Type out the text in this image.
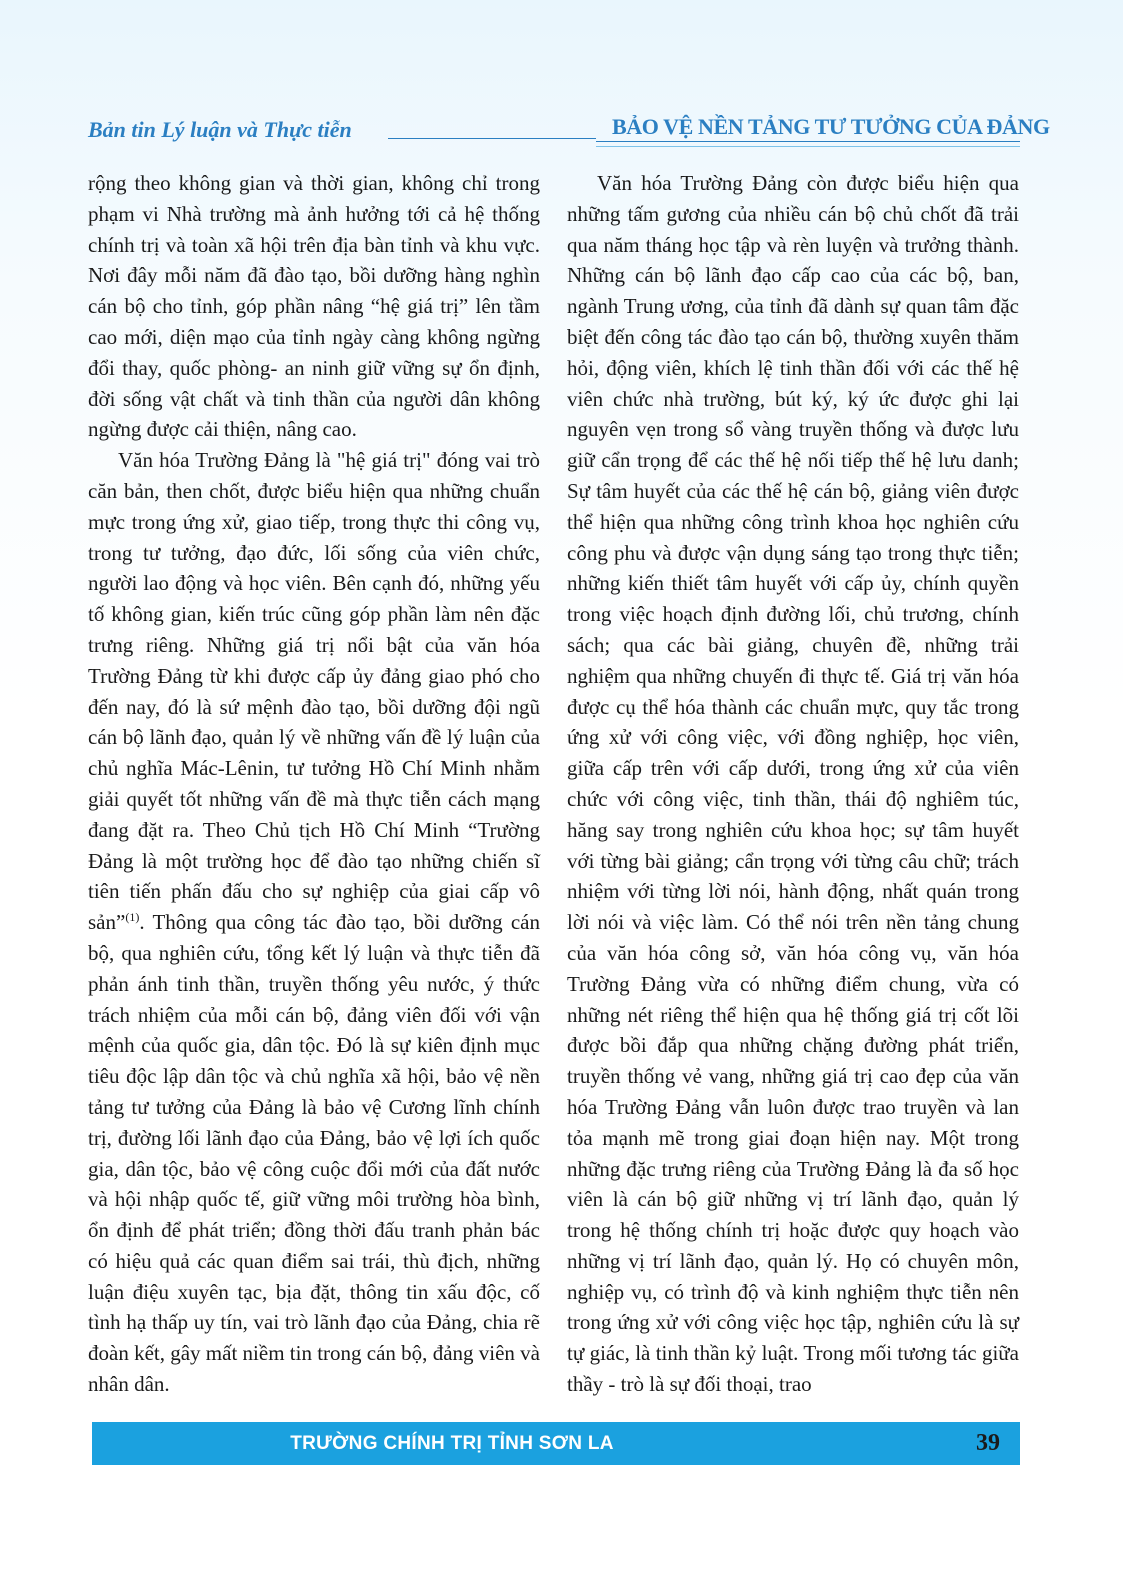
Bản tin Lý luận và Thực tiễn	BẢO VỆ NỀN TẢNG TƯ TƯỞNG CỦA ĐẢNG

rộng theo không gian và thời gian, không chỉ trong phạm vi Nhà trường mà ảnh hưởng tới cả hệ thống chính trị và toàn xã hội trên địa bàn tỉnh và khu vực. Nơi đây mỗi năm đã đào tạo, bồi dưỡng hàng nghìn cán bộ cho tỉnh, góp phần nâng “hệ giá trị” lên tầm cao mới, diện mạo của tỉnh ngày càng không ngừng đổi thay, quốc phòng- an ninh giữ vững sự ổn định, đời sống vật chất và tinh thần của người dân không ngừng được cải thiện, nâng cao.

Văn hóa Trường Đảng là "hệ giá trị" đóng vai trò căn bản, then chốt, được biểu hiện qua những chuẩn mực trong ứng xử, giao tiếp, trong thực thi công vụ, trong tư tưởng, đạo đức, lối sống của viên chức, người lao động và học viên. Bên cạnh đó, những yếu tố không gian, kiến trúc cũng góp phần làm nên đặc trưng riêng. Những giá trị nổi bật của văn hóa Trường Đảng từ khi được cấp ủy đảng giao phó cho đến nay, đó là sứ mệnh đào tạo, bồi dưỡng đội ngũ cán bộ lãnh đạo, quản lý về những vấn đề lý luận của chủ nghĩa Mác-Lênin, tư tưởng Hồ Chí Minh nhằm giải quyết tốt những vấn đề mà thực tiễn cách mạng đang đặt ra. Theo Chủ tịch Hồ Chí Minh “Trường Đảng là một trường học để đào tạo những chiến sĩ tiên tiến phấn đấu cho sự nghiệp của giai cấp vô sản”$^{(1)}$. Thông qua công tác đào tạo, bồi dưỡng cán bộ, qua nghiên cứu, tổng kết lý luận và thực tiễn đã phản ánh tinh thần, truyền thống yêu nước, ý thức trách nhiệm của mỗi cán bộ, đảng viên đối với vận mệnh của quốc gia, dân tộc. Đó là sự kiên định mục tiêu độc lập dân tộc và chủ nghĩa xã hội, bảo vệ nền tảng tư tưởng của Đảng là bảo vệ Cương lĩnh chính trị, đường lối lãnh đạo của Đảng, bảo vệ lợi ích quốc gia, dân tộc, bảo vệ công cuộc đổi mới của đất nước và hội nhập quốc tế, giữ vững môi trường hòa bình, ổn định để phát triển; đồng thời đấu tranh phản bác có hiệu quả các quan điểm sai trái, thù địch, những luận điệu xuyên tạc, bịa đặt, thông tin xấu độc, cố tình hạ thấp uy tín, vai trò lãnh đạo của Đảng, chia rẽ đoàn kết, gây mất niềm tin trong cán bộ, đảng viên và nhân dân.

Văn hóa Trường Đảng còn được biểu hiện qua những tấm gương của nhiều cán bộ chủ chốt đã trải qua năm tháng học tập và rèn luyện và trưởng thành. Những cán bộ lãnh đạo cấp cao của các bộ, ban, ngành Trung ương, của tỉnh đã dành sự quan tâm đặc biệt đến công tác đào tạo cán bộ, thường xuyên thăm hỏi, động viên, khích lệ tinh thần đối với các thế hệ viên chức nhà trường, bút ký, ký ức được ghi lại nguyên vẹn trong sổ vàng truyền thống và được lưu giữ cẩn trọng để các thế hệ nối tiếp thế hệ lưu danh; Sự tâm huyết của các thế hệ cán bộ, giảng viên được thể hiện qua những công trình khoa học nghiên cứu công phu và được vận dụng sáng tạo trong thực tiễn; những kiến thiết tâm huyết với cấp ủy, chính quyền trong việc hoạch định đường lối, chủ trương, chính sách; qua các bài giảng, chuyên đề, những trải nghiệm qua những chuyến đi thực tế. Giá trị văn hóa được cụ thể hóa thành các chuẩn mực, quy tắc trong ứng xử với công việc, với đồng nghiệp, học viên, giữa cấp trên với cấp dưới, trong ứng xử của viên chức với công việc, tinh thần, thái độ nghiêm túc, hăng say trong nghiên cứu khoa học; sự tâm huyết với từng bài giảng; cẩn trọng với từng câu chữ; trách nhiệm với từng lời nói, hành động, nhất quán trong lời nói và việc làm. Có thể nói trên nền tảng chung của văn hóa công sở, văn hóa công vụ, văn hóa Trường Đảng vừa có những điểm chung, vừa có những nét riêng thể hiện qua hệ thống giá trị cốt lõi được bồi đắp qua những chặng đường phát triển, truyền thống vẻ vang, những giá trị cao đẹp của văn hóa Trường Đảng vẫn luôn được trao truyền và lan tỏa mạnh mẽ trong giai đoạn hiện nay. Một trong những đặc trưng riêng của Trường Đảng là đa số học viên là cán bộ giữ những vị trí lãnh đạo, quản lý trong hệ thống chính trị hoặc được quy hoạch vào những vị trí lãnh đạo, quản lý. Họ có chuyên môn, nghiệp vụ, có trình độ và kinh nghiệm thực tiễn nên trong ứng xử với công việc học tập, nghiên cứu là sự tự giác, là tinh thần kỷ luật. Trong mối tương tác giữa thầy - trò là sự đối thoại, trao

TRƯỜNG CHÍNH TRỊ TỈNH SƠN LA	39
